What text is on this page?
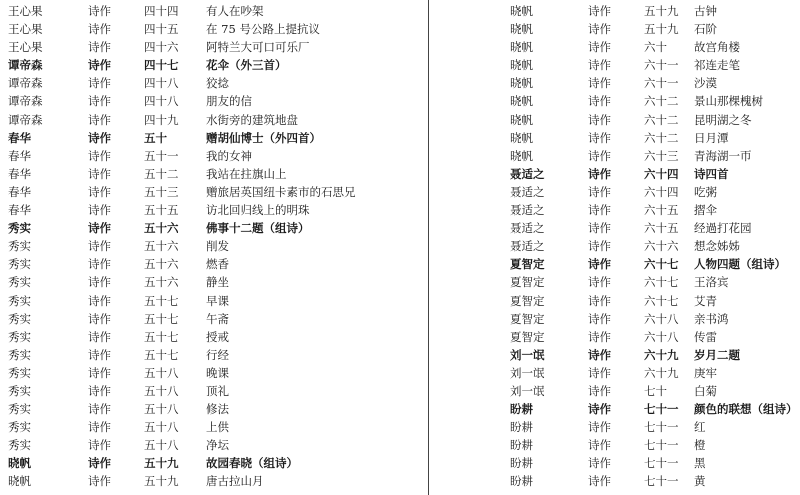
王心果	诗作	四十四 有人在吵架
王心果	诗作	四十五 在 75 号公路上提抗议
王心果	诗作	四十六 阿特兰大可口可乐厂
谭帝森	诗作	四十七 花伞（外三首）
谭帝森	诗作	四十八 狡捻
谭帝森	诗作	四十八 朋友的信
谭帝森	诗作	四十九 水街旁的建筑地盘
春华	诗作	五十	赠胡仙博士（外四首）
春华	诗作	五十一 我的女神
春华	诗作	五十二 我站在拄旗山上
春华	诗作	五十三 赠旅居英国纽卡素市的石思兄
春华	诗作	五十五 访北回归线上的明珠
秀实	诗作	五十六 佛事十二题（组诗）
秀实	诗作	五十六 削发
秀实	诗作	五十六 燃香
秀实	诗作	五十六 静坐
秀实	诗作	五十七 早课
秀实	诗作	五十七 午斋
秀实	诗作	五十七 授戒
秀实	诗作	五十七 行经
秀实	诗作	五十八 晚课
秀实	诗作	五十八 顶礼
秀实	诗作	五十八 修法
秀实	诗作	五十八 上供
秀实	诗作	五十八 净坛
晓帆	诗作	五十九 故园春晓（组诗）
晓帆	诗作	五十九 唐古拉山月
晓帆	诗作	五十九 古钟
晓帆	诗作	五十九 石阶
晓帆	诗作	六十 故宫角楼
晓帆	诗作	六十一 祁连走笔
晓帆	诗作	六十一 沙漠
晓帆	诗作	六十二 景山那棵槐树
晓帆	诗作	六十二 昆明湖之冬
晓帆	诗作	六十二 日月潭
晓帆	诗作	六十三 青海湖一帀
聂适之	诗作	六十四 诗四首
聂适之	诗作	六十四 吃粥
聂适之	诗作	六十五 摺伞
聂适之	诗作	六十五 经過打花园
聂适之	诗作	六十六 想念姊姊
夏智定	诗作	六十七 人物四题（组诗）
夏智定	诗作	六十七 王洛宾
夏智定	诗作	六十七 艾青
夏智定	诗作	六十八 亲书鸿
夏智定	诗作	六十八 传雷
刘一氓	诗作	六十九 岁月二题
刘一氓	诗作	六十九 庚牢
刘一氓	诗作	七十 白菊
盼耕	诗作	七十一 颜色的联想（组诗）
盼耕	诗作	七十一 红
盼耕	诗作	七十一 橙
盼耕	诗作	七十一 黑
盼耕	诗作	七十一 黄
